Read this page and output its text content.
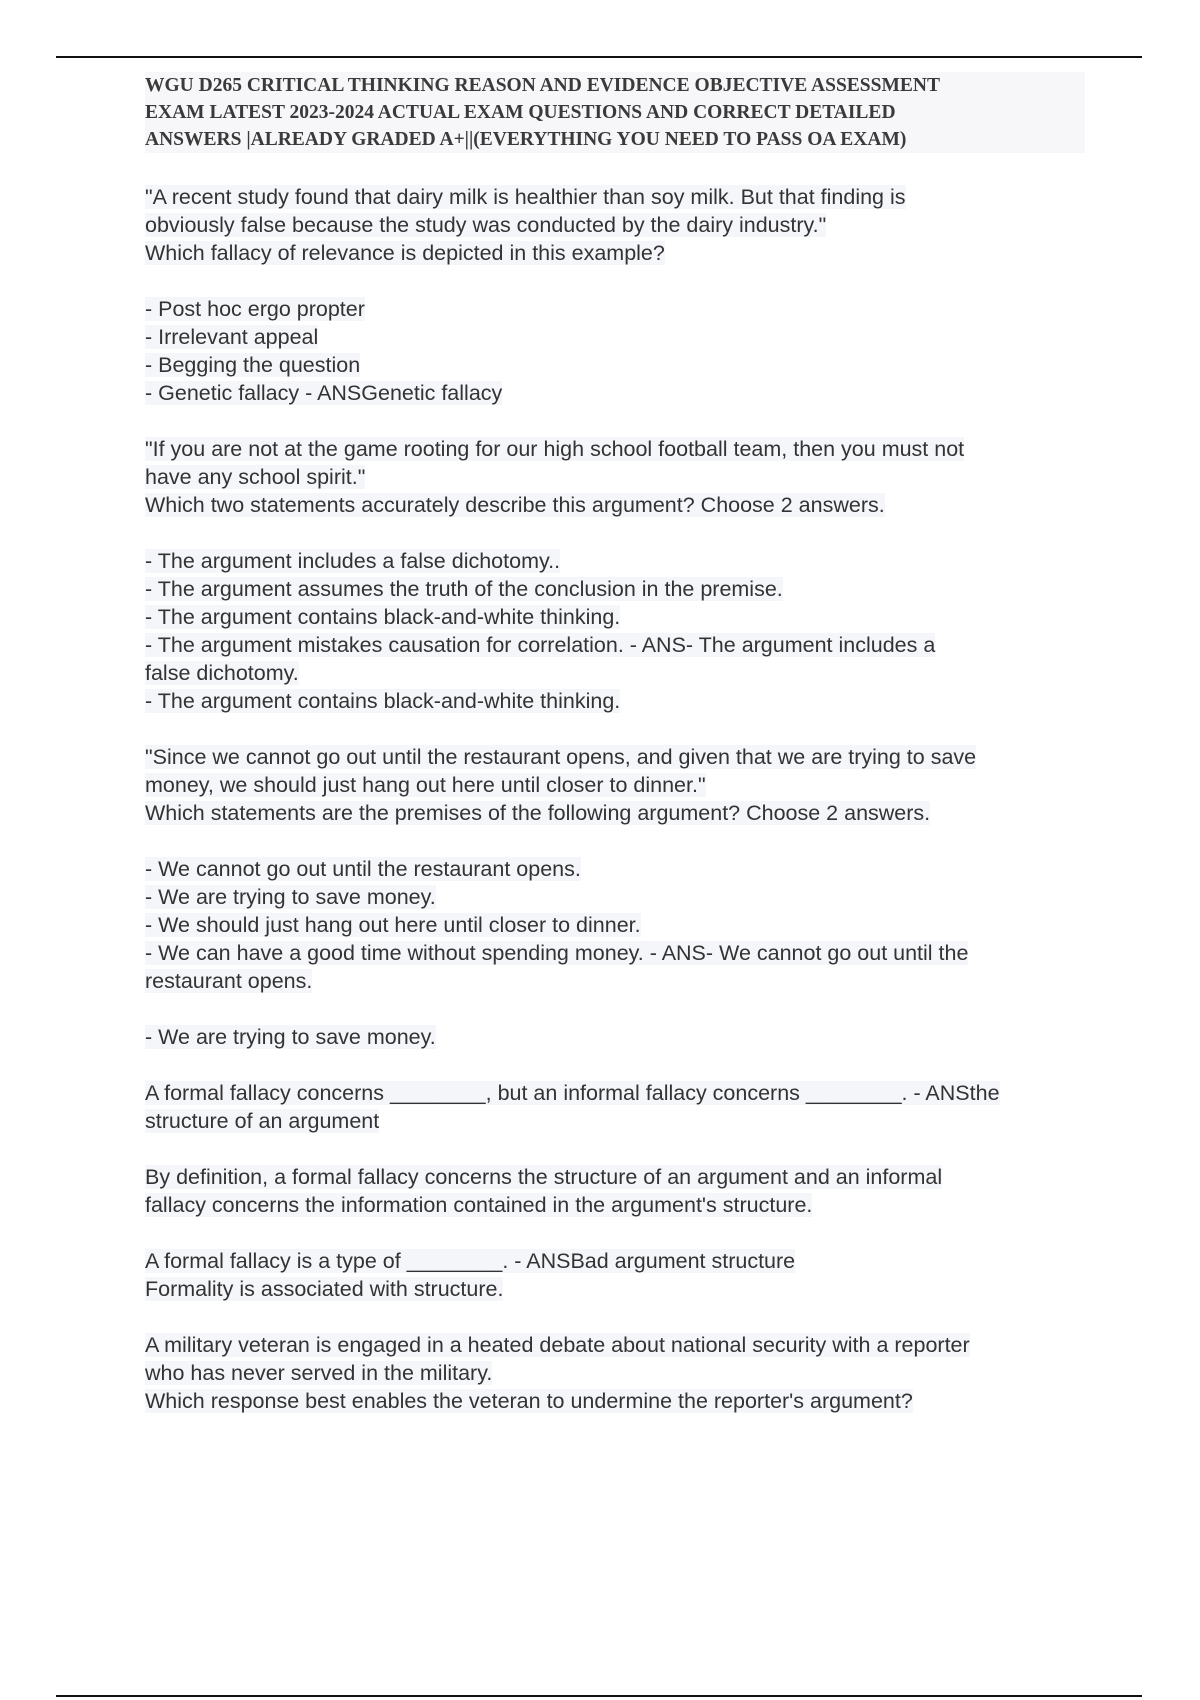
WGU D265 CRITICAL THINKING REASON AND EVIDENCE OBJECTIVE ASSESSMENT
EXAM LATEST 2023-2024 ACTUAL EXAM QUESTIONS AND CORRECT DETAILED
ANSWERS |ALREADY GRADED A+||(EVERYTHING YOU NEED TO PASS OA EXAM)
"A recent study found that dairy milk is healthier than soy milk. But that finding is
obviously false because the study was conducted by the dairy industry."
Which fallacy of relevance is depicted in this example?
- Post hoc ergo propter
- Irrelevant appeal
- Begging the question
- Genetic fallacy - ANSGenetic fallacy
"If you are not at the game rooting for our high school football team, then you must not
have any school spirit."
Which two statements accurately describe this argument? Choose 2 answers.
- The argument includes a false dichotomy..
- The argument assumes the truth of the conclusion in the premise.
- The argument contains black-and-white thinking.
- The argument mistakes causation for correlation. - ANS- The argument includes a
false dichotomy.
- The argument contains black-and-white thinking.
"Since we cannot go out until the restaurant opens, and given that we are trying to save
money, we should just hang out here until closer to dinner."
Which statements are the premises of the following argument? Choose 2 answers.
- We cannot go out until the restaurant opens.
- We are trying to save money.
- We should just hang out here until closer to dinner.
- We can have a good time without spending money. - ANS- We cannot go out until the
restaurant opens.
- We are trying to save money.
A formal fallacy concerns ________, but an informal fallacy concerns ________. - ANSthe
structure of an argument
By definition, a formal fallacy concerns the structure of an argument and an informal
fallacy concerns the information contained in the argument's structure.
A formal fallacy is a type of ________. - ANSBad argument structure
Formality is associated with structure.
A military veteran is engaged in a heated debate about national security with a reporter
who has never served in the military.
Which response best enables the veteran to undermine the reporter's argument?
